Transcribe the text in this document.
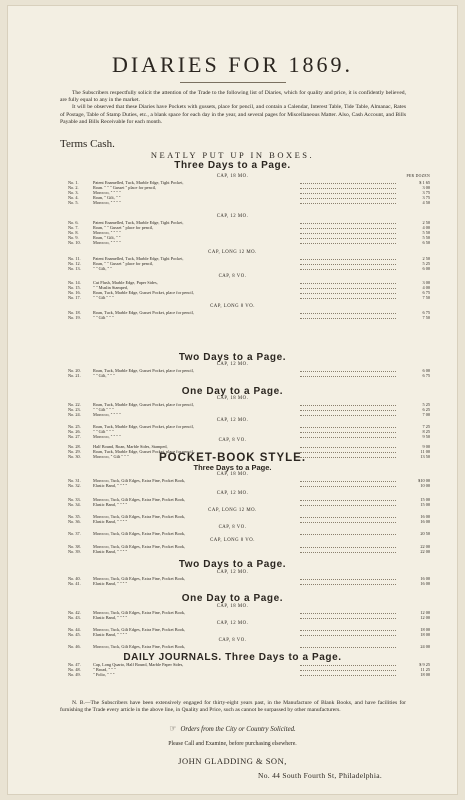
DIARIES FOR 1869.

The Subscribers respectfully solicit the attention of the Trade to the following list of Diaries, which for quality and price, it is confidently believed, are fully equal to any in the market.

It will be observed that these Diaries have Pockets with gussets, place for pencil, and contain a Calendar, Interest Table, Tide Table, Almanac, Rates of Postage, Table of Stamp Duties, etc., a blank space for each day in the year, and several pages for Miscellaneous Matter. Also, Cash Account, and Bills Payable and Bills Receivable for each month.

Terms Cash.
NEATLY PUT UP IN BOXES.
Three Days to a Page.
Two Days to a Page.
One Day to a Page.
POCKET-BOOK STYLE.
Three Days to a Page.
Two Days to a Page.
One Day to a Page.
DAILY JOURNALS. Three Days to a Page.
CAP, 18 MO.	PER DOZEN
CAP, 12 MO.
CAP, LONG 12 MO.
CAP, 8 VO.
CAP, LONG 8 VO.
CAP, 12 MO.
CAP, 18 MO.
CAP, 12 MO.
CAP, 8 VO.
CAP, 18 MO.
CAP, 12 MO.
CAP, LONG 12 MO.
CAP, 8 VO.
CAP, LONG 8 VO.
CAP, 12 MO.
CAP, 18 MO.
CAP, 12 MO.
CAP, 8 VO.
No. 1.	Patent Enamelled, Tuck, Marble Edge, Tight Pocket,	$ 1 65
No. 2.	Roan. " " " Gusset " place for pencil,	3 00
No. 3.	Morocco, " " " "	3 75
No. 4.	Roan, " Gilt, " "	3 75
No. 5.	Morocco, " " " "	4 50
No. 6.	Patent Enamelled, Tuck, Marble Edge, Tight Pocket,	2 50
No. 7.	Roan, " " Gusset " place for pencil,	4 00
No. 8.	Morocco, " " " "	5 50
No. 9.	Roan, " Gilt, " "	5 50
No. 10.	Morocco, " " " "	6 50
No. 11.	Patent Enamelled, Tuck, Marble Edge, Tight Pocket,	2 50
No. 12.	Roan, " " Gusset " place for pencil,	5 25
No. 13.	" " Gilt, " "	6 00
No. 14.	Cut Flush, Marble Edge, Paper Sides,	3 00
No. 15.	" " Muslin Stamped,	4 00
No. 16.	Roan, Tuck, Marble Edge, Gusset Pocket, place for pencil,	6 75
No. 17.	" " Gilt " " "	7 50
No. 18.	Roan, Tuck, Marble Edge, Gusset Pocket, place for pencil,	6 75
No. 19.	" " Gilt " " "	7 50
No. 20.	Roan, Tuck, Marble Edge, Gusset Pocket, place for pencil,	6 00
No. 21.	" " Gilt, " " "	6 75
No. 22.	Roan, Tuck, Marble Edge, Gusset Pocket, place for pencil,	5 25
No. 23.	" " Gilt " " "	6 25
No. 24.	Morocco, " " " "	7 00
No. 25.	Roan, Tuck, Marble Edge, Gusset Pocket, place for pencil,	7 25
No. 26.	" " Gilt " " "	8 25
No. 27.	Morocco, " " " "	9 50
No. 28.	Half Bound, Roan, Marble Sides, Stamped,	9 00
No. 29.	Roan, Tuck, Marble Edge, Gusset Pocket, place for pencil,	11 00
No. 30.	Morocco, " Gilt " " "	13 50
No. 31.	Morocco, Tuck, Gilt Edges, Extra Fine, Pocket Book,	$10 00
No. 32.	Elastic Band, " " " "	10 00
No. 33.	Morocco, Tuck, Gilt Edges, Extra Fine, Pocket Book,	15 00
No. 34.	Elastic Band, " " " "	15 00
No. 35.	Morocco, Tuck, Gilt Edges, Extra Fine, Pocket Book,	16 00
No. 36.	Elastic Band, " " " "	16 00
No. 37.	Morocco, Tuck, Gilt Edges, Extra Fine, Pocket Book,	20 50
No. 38.	Morocco, Tuck, Gilt Edges, Extra Fine, Pocket Book,	22 00
No. 39.	Elastic Band, " " " "	22 00
No. 40.	Morocco, Tuck, Gilt Edges, Extra Fine, Pocket Book,	16 00
No. 41.	Elastic Band, " " " "	16 00
No. 42.	Morocco, Tuck, Gilt Edges, Extra Fine, Pocket Book,	12 00
No. 43.	Elastic Band, " " " "	12 00
No. 44.	Morocco, Tuck, Gilt Edges, Extra Fine, Pocket Book,	18 00
No. 45.	Elastic Band, " " " "	18 00
No. 46.	Morocco, Tuck, Gilt Edges, Extra Fine, Pocket Book,	24 00
No. 47.	Cap, Long Quarto, Half Bound, Marble Paper Sides,	$ 9 25
No. 48.	" Broad, " " "	11 25
No. 49.	" Folio, " " "	18 00

N. B.—The Subscribers have been extensively engaged for thirty-eight years past, in the Manufacture of Blank Books, and have facilities for furnishing the Trade every article in the above line, in Quality and Price, such as cannot be surpassed by other manufacturers.

☞ Orders from the City or Country Solicited.
Please Call and Examine, before purchasing elsewhere.
JOHN GLADDING & SON,
No. 44 South Fourth St, Philadelphia.
